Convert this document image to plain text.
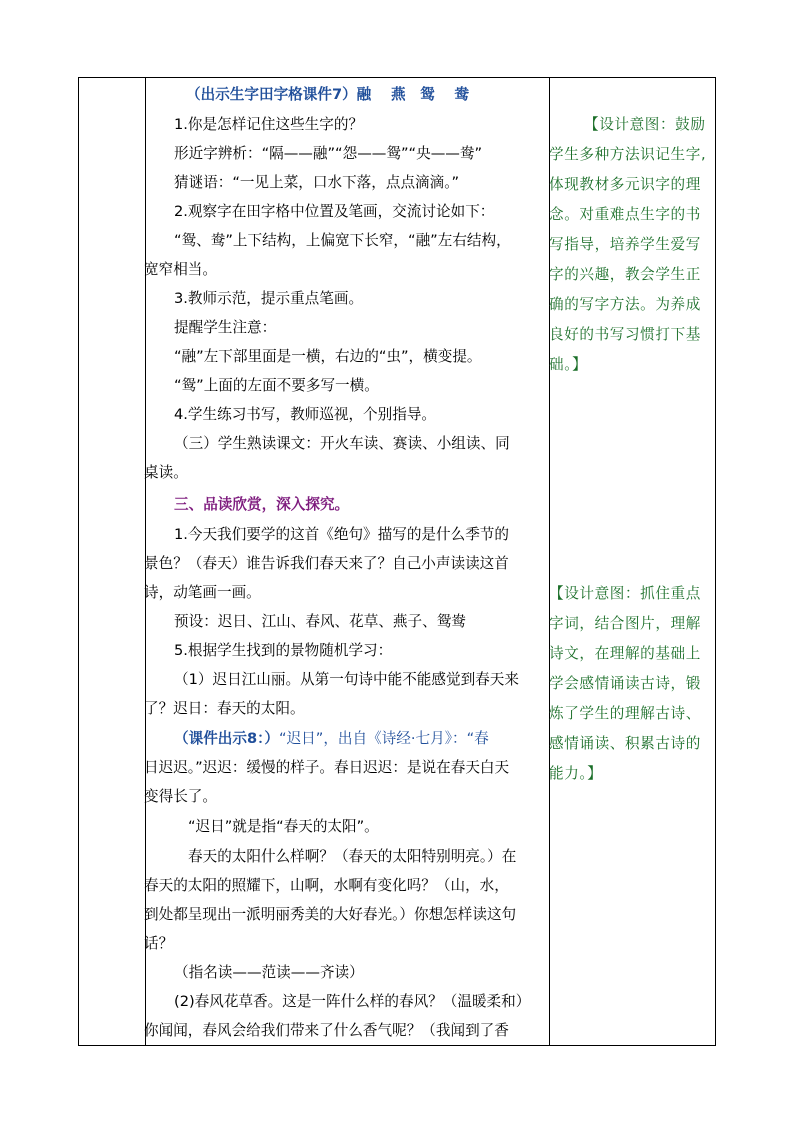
（出示生字田字格课件7）融　 燕　鸳　 鸯
1.你是怎样记住这些生字的？
形近字辨析：“隔——融”“怨——鸳”“央——鸯”
猜谜语：“一见上菜，口水下落，点点滴滴。”
2.观察字在田字格中位置及笔画，交流讨论如下：
“鸳、鸯”上下结构，上偏宽下长窄，“融”左右结构，
宽窄相当。
3.教师示范，提示重点笔画。
提醒学生注意：
“融”左下部里面是一横，右边的“虫”，横变提。
“鸳”上面的左面不要多写一横。
4.学生练习书写，教师巡视，个别指导。
（三）学生熟读课文：开火车读、赛读、小组读、同
桌读。
三、品读欣赏，深入探究。
1.今天我们要学的这首《绝句》描写的是什么季节的
景色？（春天）谁告诉我们春天来了？自己小声读读这首
诗，动笔画一画。
预设：迟日、江山、春风、花草、燕子、鸳鸯
5.根据学生找到的景物随机学习：
（1）迟日江山丽。从第一句诗中能不能感觉到春天来
了？迟日：春天的太阳。
（课件出示8：）“迟日”，出自《诗经·七月》：“春
日迟迟。”迟迟：缓慢的样子。春日迟迟：是说在春天白天
变得长了。
“迟日”就是指“春天的太阳”。
春天的太阳什么样啊？（春天的太阳特别明亮。）在
春天的太阳的照耀下，山啊，水啊有变化吗？（山，水，
到处都呈现出一派明丽秀美的大好春光。）你想怎样读这句
话？
（指名读——范读——齐读）
(2)春风花草香。这是一阵什么样的春风？（温暖柔和）
你闻闻，春风会给我们带来了什么香气呢？（我闻到了香
【设计意图：鼓励
学生多种方法识记生字,
体现教材多元识字的理
念。对重难点生字的书
写指导，培养学生爱写
字的兴趣，教会学生正
确的写字方法。为养成
良好的书写习惯打下基
础。】
【设计意图：抓住重点
字词，结合图片，理解
诗文，在理解的基础上
学会感情诵读古诗，锻
炼了学生的理解古诗、
感情诵读、积累古诗的
能力。】
